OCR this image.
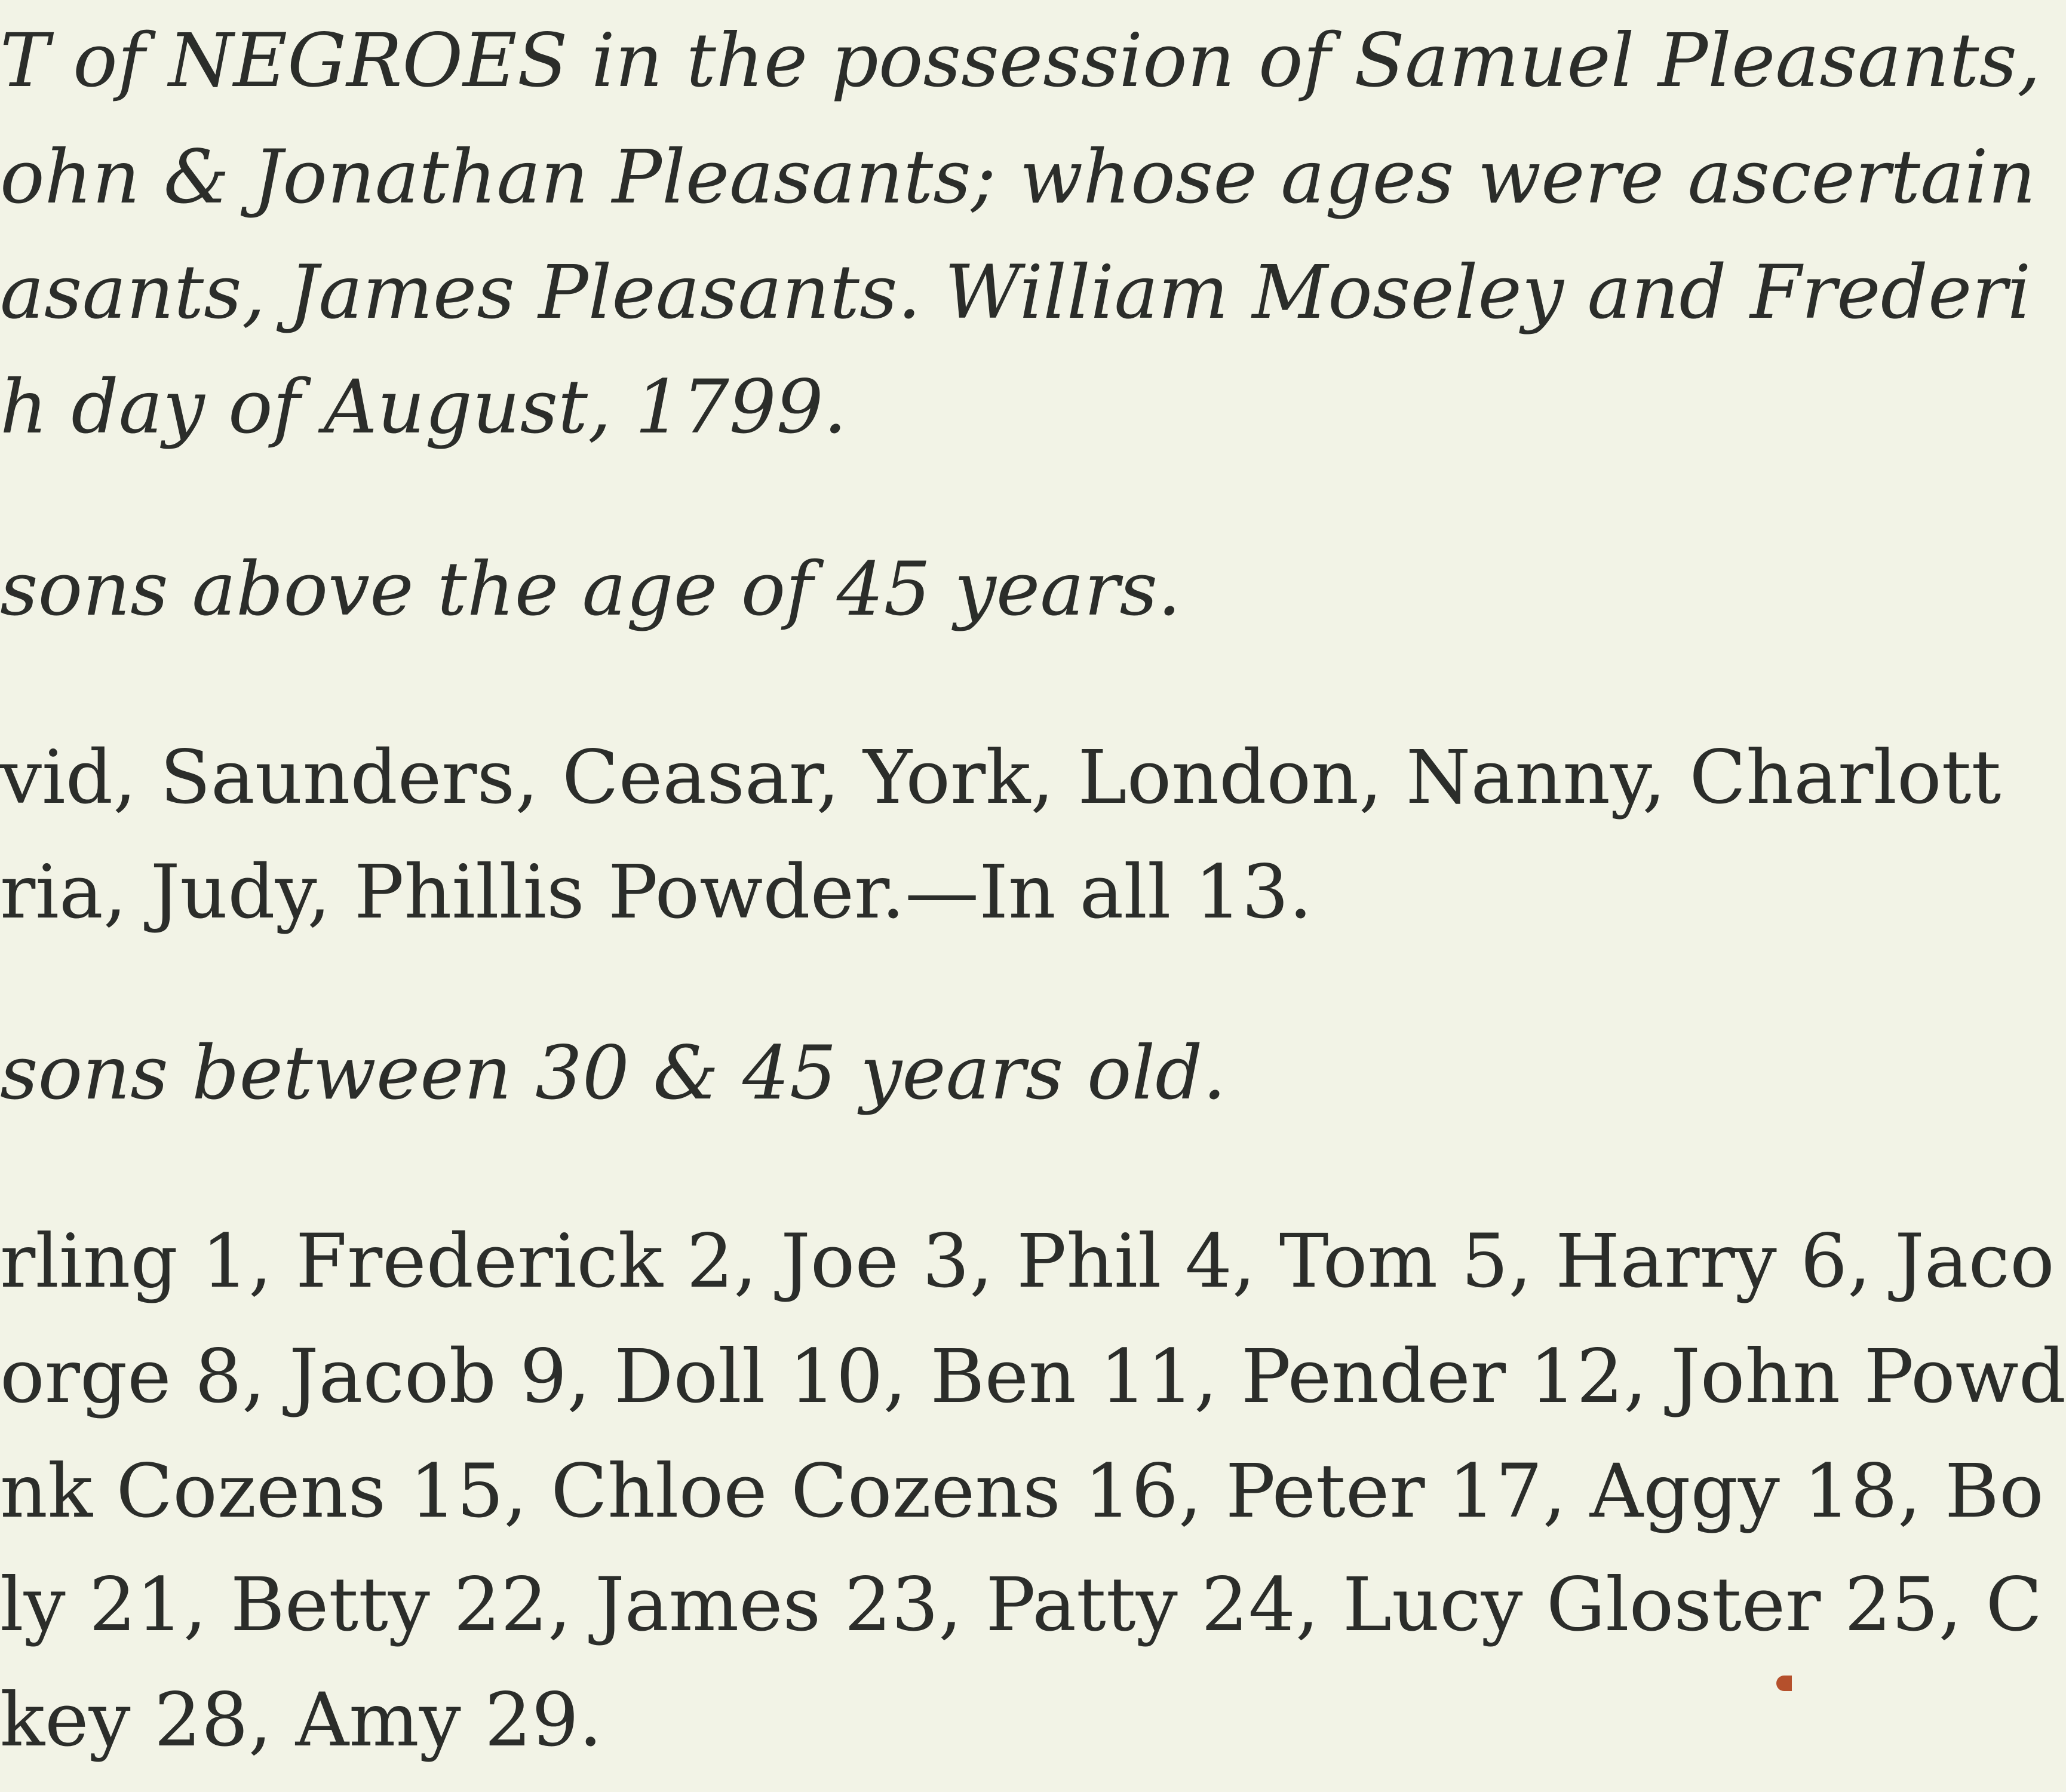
T of NEGROES in the possession of Samuel Pleasants,
ohn & Jonathan Pleasants; whose ages were ascertain
asants, James Pleasants. William Moseley and Frederi
h day of August, 1799.
sons above the age of 45 years.
vid, Saunders, Ceasar, York, London, Nanny, Charlott
ria, Judy, Phillis Powder.—In all 13.
sons between 30 & 45 years old.
rling 1, Frederick 2, Joe 3, Phil 4, Tom 5, Harry 6, Jaco
orge 8, Jacob 9, Doll 10, Ben 11, Pender 12, John Powd
nk Cozens 15, Chloe Cozens 16, Peter 17, Aggy 18, Bo
ly 21, Betty 22, James 23, Patty 24, Lucy Gloster 25, C
key 28, Amy 29.
